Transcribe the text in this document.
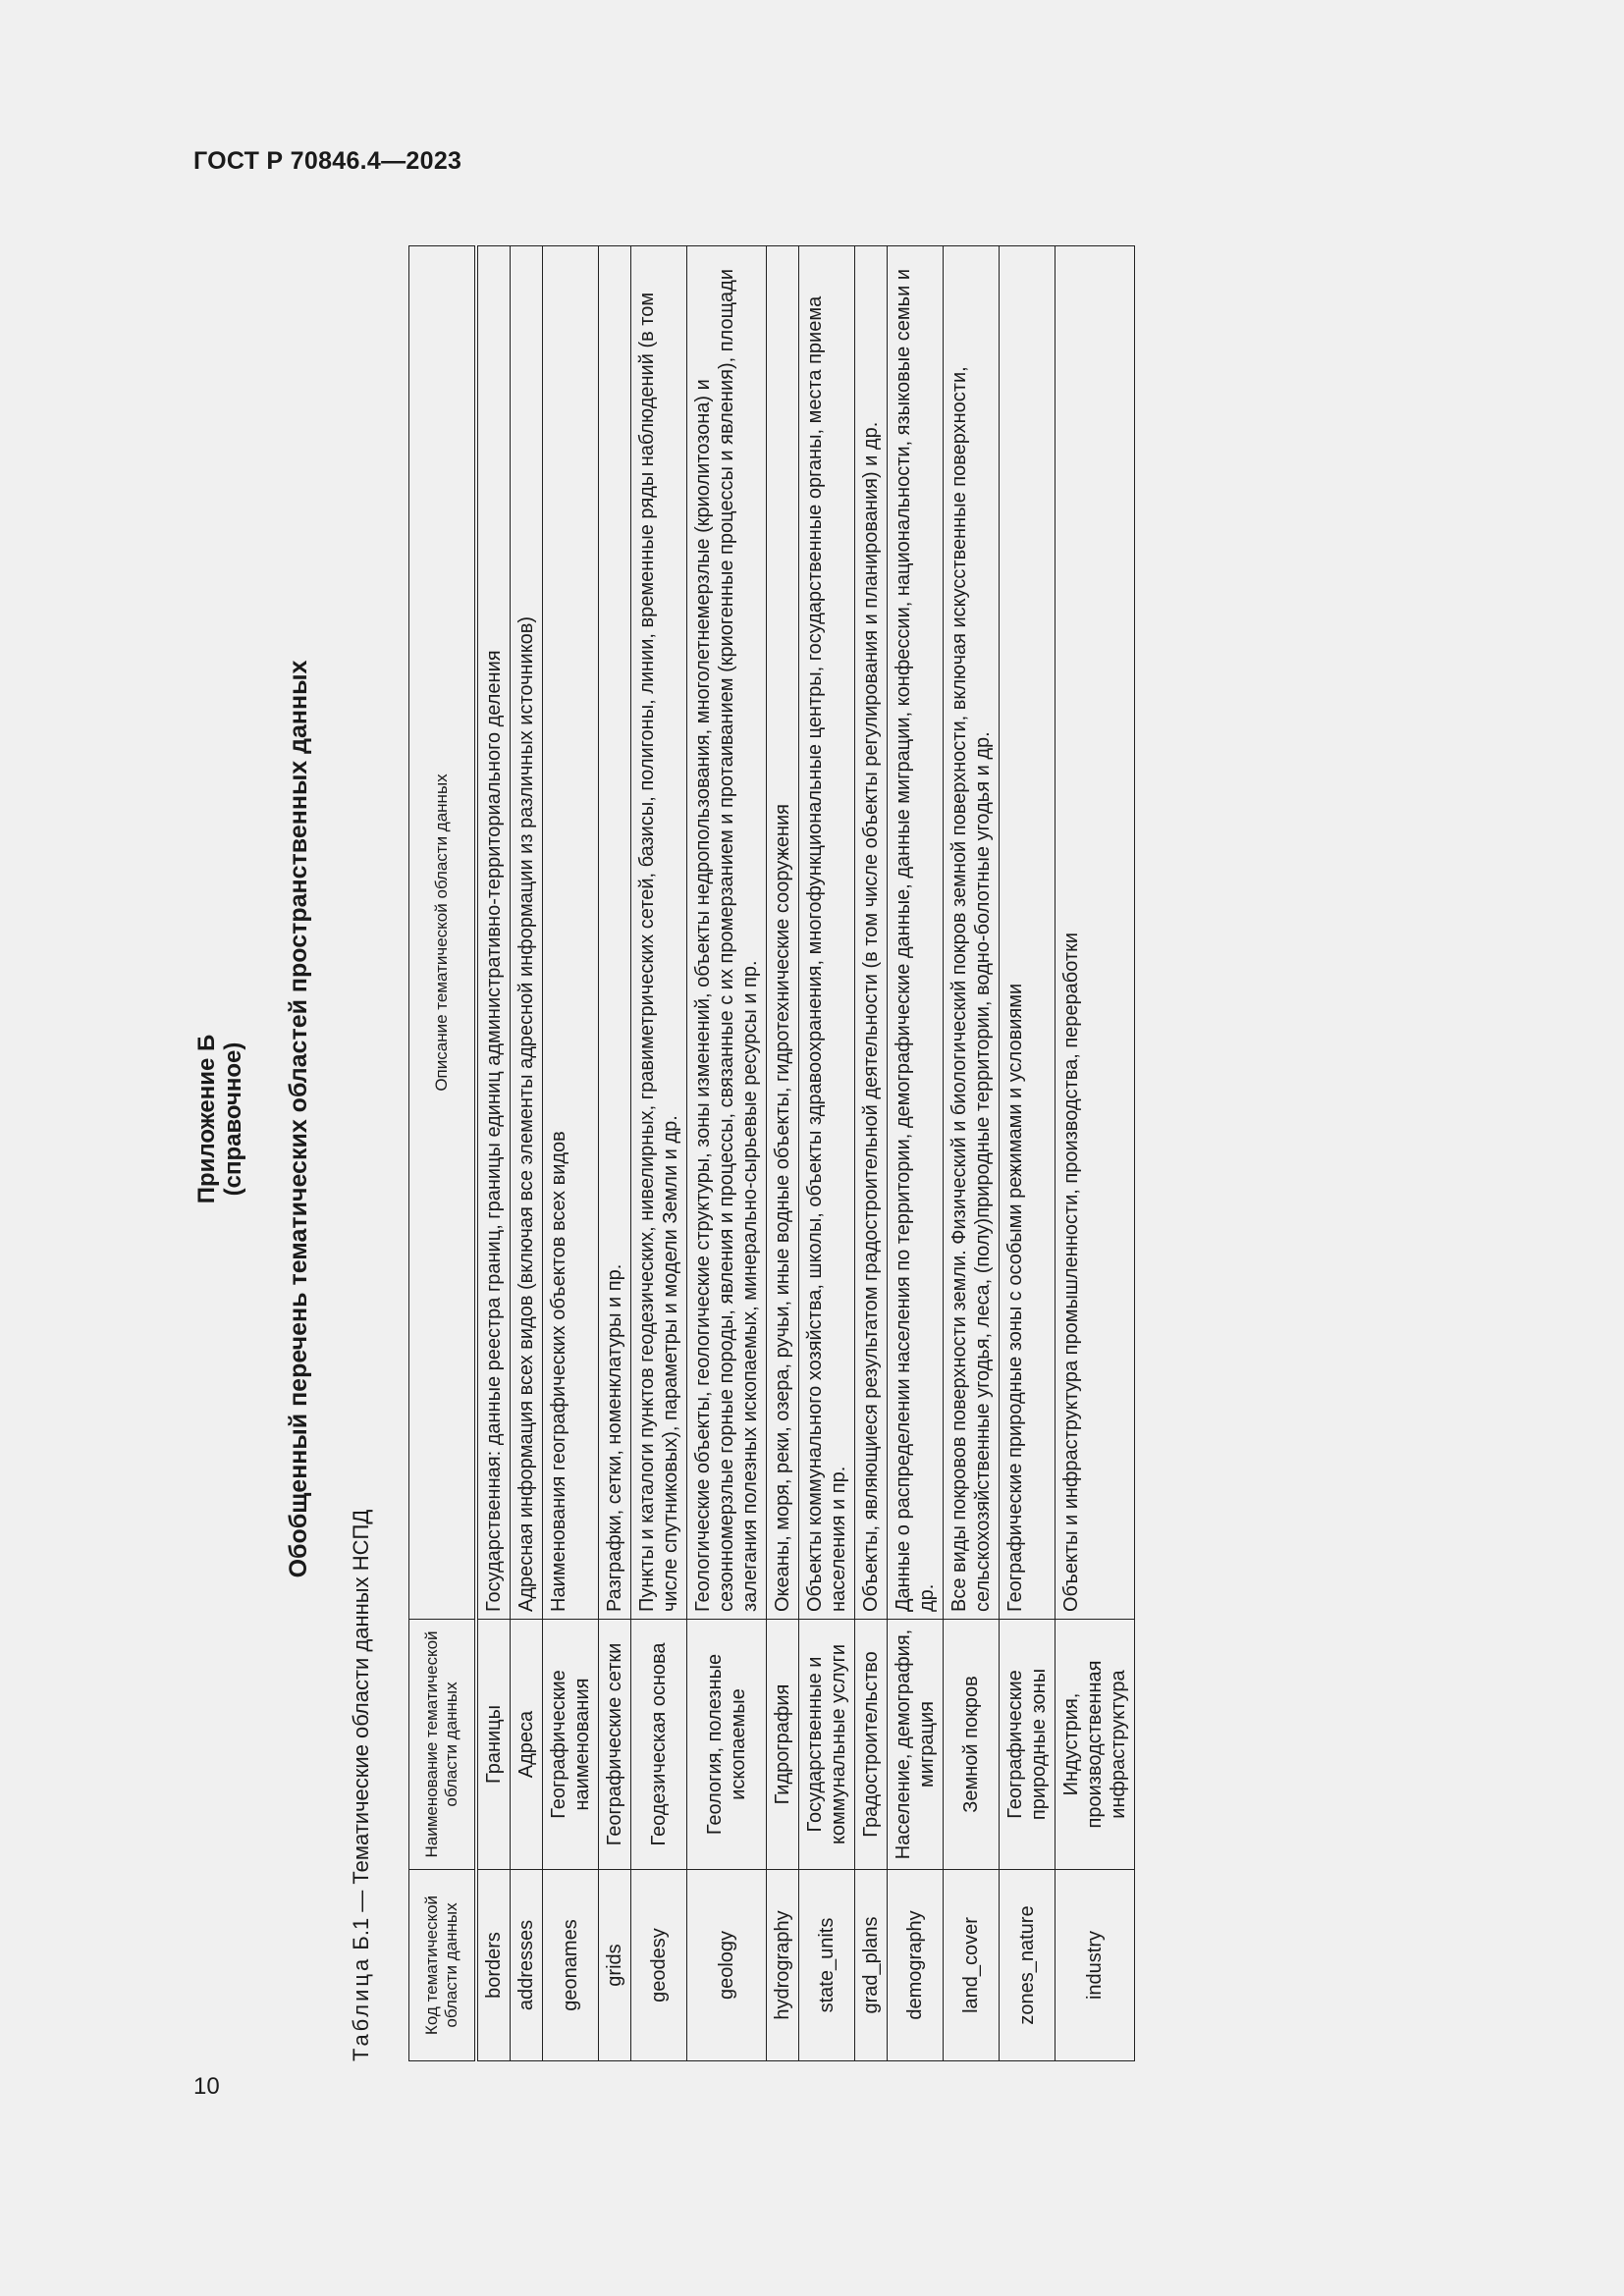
ГОСТ Р 70846.4—2023
Приложение Б (справочное) Обобщенный перечень тематических областей пространственных данных
Таблица Б.1 — Тематические области данных НСПД
Код тематической области данных	Наименование тематической области данных	Описание тематической области данных
borders	Границы	Государственная: данные реестра границ, границы единиц административно-территориального деления
addresses	Адреса	Адресная информация всех видов (включая все элементы адресной информации из различных источников)
geonames	Географические наименования	Наименования географических объектов всех видов
grids	Географические сетки	Разграфки, сетки, номенклатуры и пр.
geodesy	Геодезическая основа	Пункты и каталоги пунктов геодезических, нивелирных, гравиметрических сетей, базисы, полигоны, линии, временные ряды наблюдений (в том числе спутниковых), параметры и модели Земли и др.
geology	Геология, полезные ископаемые	Геологические объекты, геологические структуры, зоны изменений, объекты недропользования, многолетнемерзлые (криолитозона) и сезонномерзлые горные породы, явления и процессы, связанные с их промерзанием и протаиванием (криогенные процессы и явления), площади залегания полезных ископаемых, минерально-сырьевые ресурсы и пр.
hydrography	Гидрография	Океаны, моря, реки, озера, ручьи, иные водные объекты, гидротехнические сооружения
state_units	Государственные и коммунальные услуги	Объекты коммунального хозяйства, школы, объекты здравоохранения, многофункциональные центры, государственные органы, места приема населения и пр.
grad_plans	Градостроительство	Объекты, являющиеся результатом градостроительной деятельности (в том числе объекты регулирования и планирования) и др.
demography	Население, демография, миграция	Данные о распределении населения по территории, демографические данные, данные миграции, конфессии, национальности, языковые семьи и др.
land_cover	Земной покров	Все виды покровов поверхности земли. Физический и биологический покров земной поверхности, включая искусственные поверхности, сельскохозяйственные угодья, леса, (полу)природные территории, водно-болотные угодья и др.
zones_nature	Географические природные зоны	Географические природные зоны с особыми режимами и условиями
industry	Индустрия, производственная инфраструктура	Объекты и инфраструктура промышленности, производства, переработки
10
